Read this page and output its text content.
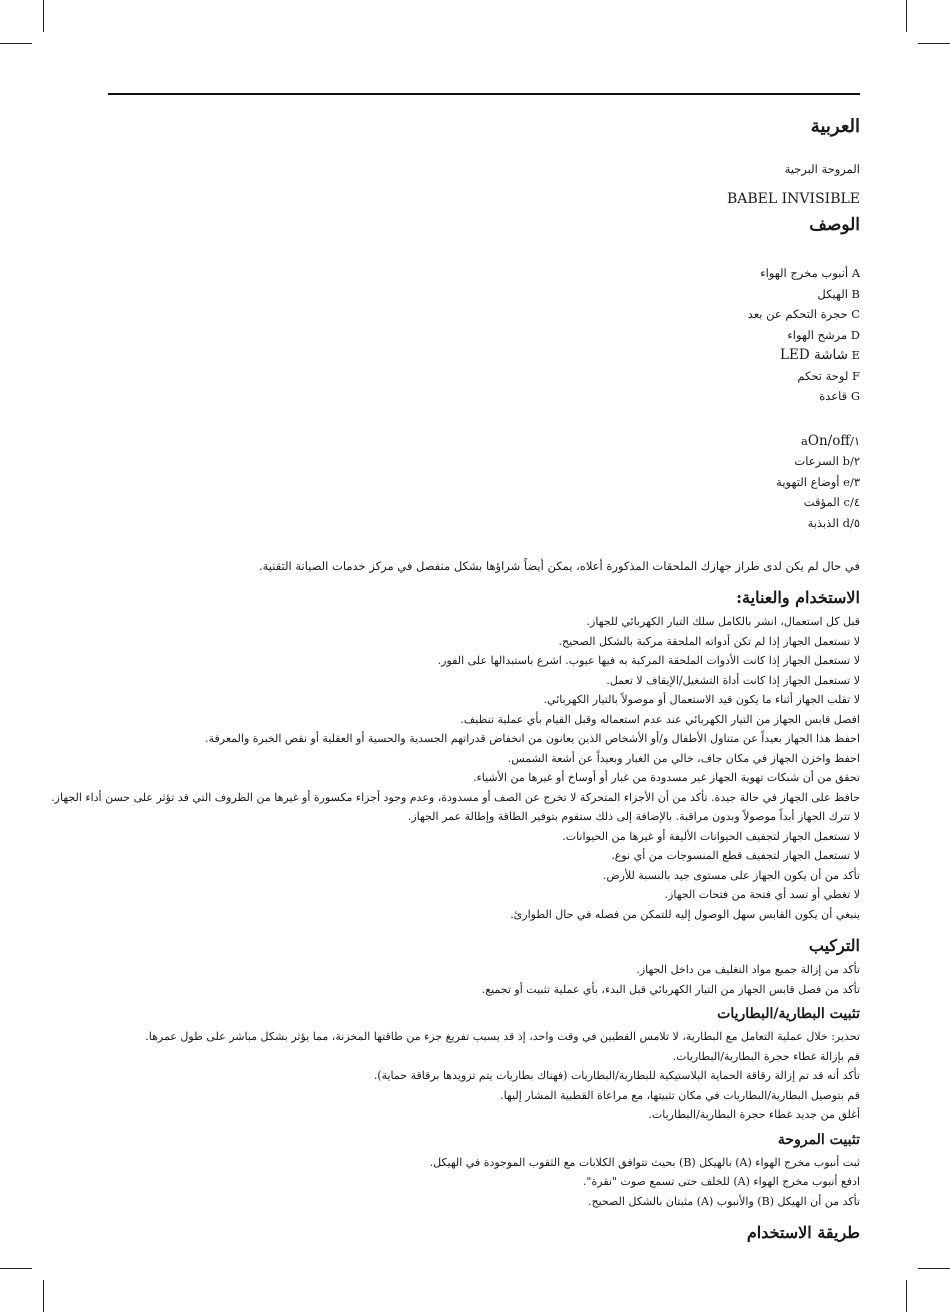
العربية

المروحة البرجية

BABEL INVISIBLE
الوصف
A أنبوب مخرج الهواء
B الهيكل
C حجرة التحكم عن بعد
D مرشح الهواء
E شاشة LED
F لوحة تحكم
G قاعدة
١/aOn/off
٢/b السرعات
٣/e أوضاع التهوية
٤/c المؤقت
٥/d الذبذبة

في حال لم يكن لدى طراز جهازك الملحقات المذكورة أعلاه، يمكن أيضاً شراؤها بشكل منفصل في مركز خدمات الصيانة التقنية.

الاستخدام والعناية:
قبل كل استعمال، انشر بالكامل سلك التيار الكهربائي للجهاز.
لا تستعمل الجهاز إذا لم تكن أدواته الملحقة مركبة بالشكل الصحيح.
لا تستعمل الجهاز إذا كانت الأدوات الملحقة المركبة به فيها عيوب. اشرع باستبدالها على الفور.
لا تستعمل الجهاز إذا كانت أداة التشغيل/الإيقاف لا تعمل.
لا تقلب الجهاز أثناء ما يكون قيد الاستعمال أو موصولاً بالتيار الكهربائي.
افصل قابس الجهاز من التيار الكهربائي عند عدم استعماله وقبل القيام بأي عملية تنظيف.
احفظ هذا الجهاز بعيداً عن متناول الأطفال و/أو الأشخاص الذين يعانون من انخفاض قدراتهم الجسدية والحسية أو العقلية أو نقص الخبرة والمعرفة.
احفظ واخزن الجهاز في مكان جاف، خالي من الغبار وبعيداً عن أشعة الشمس.
تحقق من أن شبكات تهوية الجهاز غير مسدودة من غبار أو أوساخ أو غيرها من الأشياء.
حافظ على الجهاز في حالة جيدة. تأكد من أن الأجزاء المتحركة لا تخرج عن الصف أو مسدودة، وعدم وجود أجزاء مكسورة أو غيرها من الظروف التي قد تؤثر على حسن أداء الجهاز.
لا تترك الجهاز أبداً موصولاً وبدون مراقبة. بالإضافة إلى ذلك ستقوم بتوفير الطاقة وإطالة عمر الجهاز.
لا تستعمل الجهاز لتجفيف الحيوانات الأليفة أو غيرها من الحيوانات.
لا تستعمل الجهاز لتجفيف قطع المنسوجات من أي نوع.
تأكد من أن يكون الجهاز على مستوى جيد بالنسبة للأرض.
لا تغطي أو تسد أي فتحة من فتحات الجهاز.
ينبغي أن يكون القابس سهل الوصول إليه للتمكن من فصله في حال الطوارئ.
التركيب
تأكد من إزالة جميع مواد التغليف من داخل الجهاز.
تأكد من فصل قابس الجهاز من التيار الكهربائي قبل البدء، بأي عملية تثبيت أو تجميع.
تثبيت البطارية/البطاريات
تحذير: خلال عملية التعامل مع البطارية، لا تلامس القطبين في وقت واحد، إذ قد يسبب تفريغ جزء من طاقتها المخزنة، مما يؤثر بشكل مباشر على طول عمرها.
قم بإزالة غطاء حجرة البطارية/البطاريات.
تأكد أنه قد تم إزالة رقاقة الحماية البلاستيكية للبطارية/البطاريات (فهناك بطاريات يتم تزويدها برقاقة حماية).
قم بتوصيل البطارية/البطاريات في مكان تثبيتها، مع مراعاة القطبية المشار إليها.
أغلق من جديد غطاء حجرة البطارية/البطاريات.
تثبيت المروحة
ثبت أنبوب مخرج الهواء (A) بالهيكل (B) بحيث تتوافق الكلابات مع الثقوب الموجودة في الهيكل.
ادفع أنبوب مخرج الهواء (A) للخلف حتى تسمع صوت "نقرة".
تأكد من أن الهيكل (B) والأنبوب (A) مثبتان بالشكل الصحيح.
طريقة الاستخدام
